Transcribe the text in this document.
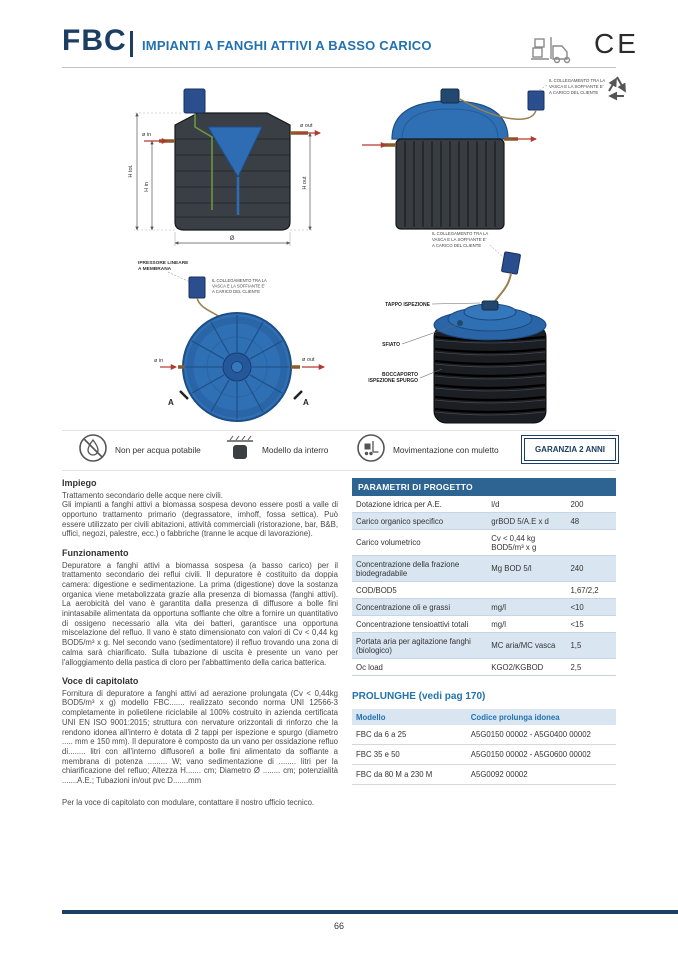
FBC IMPIANTI A FANGHI ATTIVI A BASSO CARICO	CE
ø in
ø out
H tot.
H in	H out
Ø
IL COLLEGAMENTO TRA LA
VASCA E LA SOFFIANTE E'
A CARICO DEL CLIENTE
IPRESSORE LINEARE
A MEMBRANA
IL COLLEGAMENTO TRA LA
VASCA E LA SOFFIANTE E'
A CARICO DEL CLIENTE
ø in	ø out
A	A
IL COLLEGAMENTO TRA LA
VASCA E LA SOFFIANTE E'
A CARICO DEL CLIENTE
TAPPO ISPEZIONE
SFIATO
BOCCAPORTO
ISPEZIONE SPURGO
Non per acqua potabile	Modello da interro	Movimentazione con muletto	GARANZIA 2 ANNI
Impiego

Trattamento secondario delle acque nere civili.

Gli impianti a fanghi attivi a biomassa sospesa devono essere posti a valle di opportuno trattamento primario (degrassatore, imhoff, fossa settica). Può essere utilizzato per civili abitazioni, attività commerciali (ristorazione, bar, B&B, uffici, negozi, palestre, ecc.) o fabbriche (tranne le acque di lavorazione).

Funzionamento

Depuratore a fanghi attivi a biomassa sospesa (a basso carico) per il trattamento secondario dei reflui civili. Il depuratore è costituito da doppia camera: digestione e sedimentazione. La prima (digestione) dove la sostanza organica viene metabolizzata grazie alla presenza di biomassa (fanghi attivi). La aerobicità del vano è garantita dalla presenza di diffusore a bolle fini inintasabile alimentata da opportuna soffiante che oltre a fornire un quantitativo di ossigeno necessario alla vita dei batteri, garantisce una opportuna miscelazione del refluo. Il vano è stato dimensionato con valori di Cv < 0,44 kg BOD5/m³ x g. Nel secondo vano (sedimentatore) il refluo trovando una zona di calma sarà chiarificato. Sulla tubazione di uscita è presente un vano per l'alloggiamento della pastica di cloro per l'abbattimento della carica batterica.

Voce di capitolato

Fornitura di depuratore a fanghi attivi ad aerazione prolungata (Cv < 0,44kg BOD5/m³ x g) modello FBC....... realizzato secondo norma UNI 12566-3 completamente in polietilene riciclabile al 100% costruito in azienda certificata UNI EN ISO 9001:2015; struttura con nervature orizzontali di rinforzo che la rendono idonea all'interro è dotata di 2 tappi per ispezione e spurgo (diametro ..... mm e 150 mm). Il depuratore è composto da un vano per ossidazione refluo di........ litri con all'interno diffusore/i a bolle fini alimentato da soffiante a membrana di potenza ......... W; vano sedimentazione di ........ litri per la chiarificazione del refluo; Altezza H....... cm; Diametro Ø ........ cm; potenzialità .......A.E.; Tubazioni in/out pvc D.......mm

Per la voce di capitolato con modulare, contattare il nostro ufficio tecnico.

PARAMETRI DI PROGETTO
Dotazione idrica per A.E.	l/d	200
Carico organico specifico	grBOD 5/A.E x d	48
Carico volumetrico	Cv < 0,44 kg BOD5/m³ x g
Concentrazione della frazione biodegradabile	Mg BOD 5/l	240
COD/BOD5	1,67/2,2
Concentrazione oli e grassi	mg/l	<10
Concentrazione tensioattivi totali	mg/l	<15
Portata aria per agitazione fanghi (biologico)	MC aria/MC vasca	1,5
Oc load	KGO2/KGBOD	2,5
PROLUNGHE (vedi pag 170)
Modello	Codice prolunga idonea
FBC da 6 a 25	A5G0150 00002 - A5G0400 00002
FBC 35 e 50	A5G0150 00002 - A5G0600 00002
FBC da 80 M a 230 M	A5G0092 00002
66
